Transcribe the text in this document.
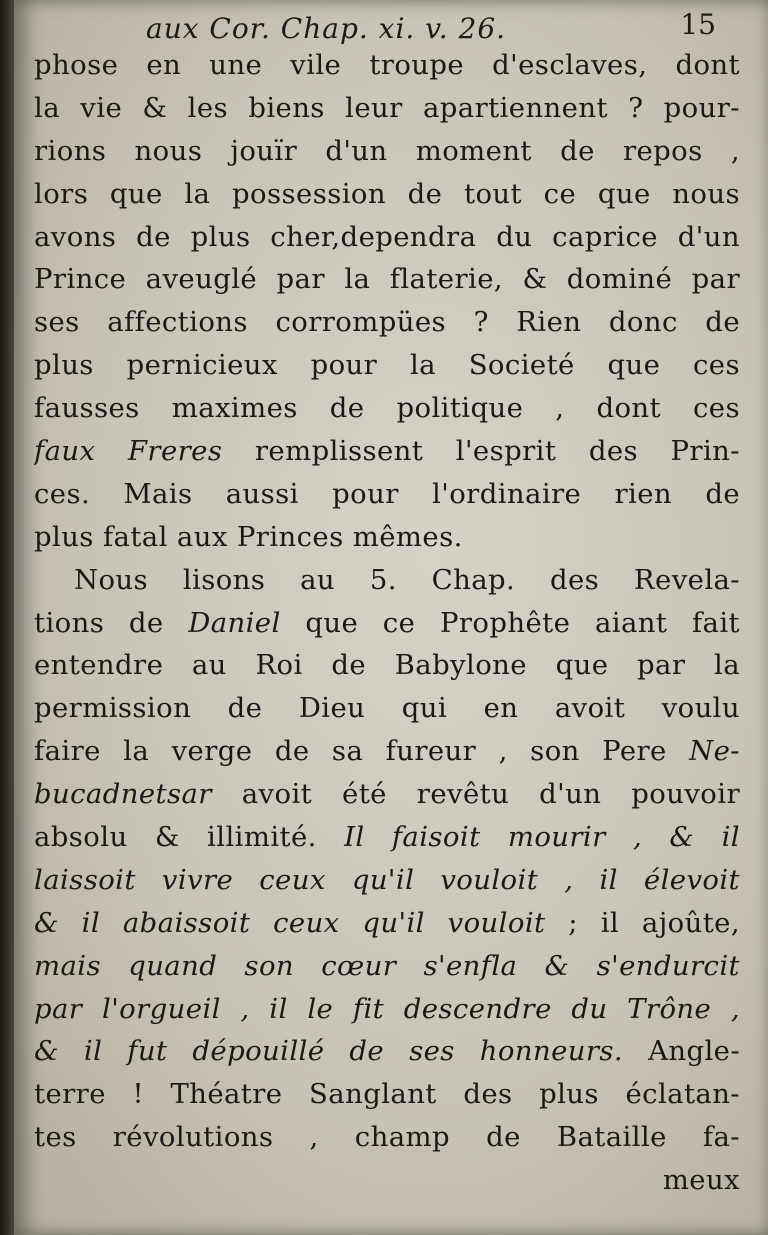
aux Cor. Chap. xi. v. 26.	15
phose en une vile troupe d'esclaves, dont
la vie & les biens leur apartiennent ? pour-
rions nous jouïr d'un moment de repos ,
lors que la possession de tout ce que nous
avons de plus cher,dependra du caprice d'un
Prince aveuglé par la flaterie, & dominé par
ses affections corrompües ? Rien donc de
plus pernicieux pour la Societé que ces
fausses maximes de politique , dont ces
faux Freres remplissent l'esprit des Prin-
ces. Mais aussi pour l'ordinaire rien de
plus fatal aux Princes mêmes.
Nous lisons au 5. Chap. des Revela-
tions de Daniel que ce Prophête aiant fait
entendre au Roi de Babylone que par la
permission de Dieu qui en avoit voulu
faire la verge de sa fureur , son Pere Ne-
bucadnetsar avoit été revêtu d'un pouvoir
absolu & illimité. Il faisoit mourir , & il
laissoit vivre ceux qu'il vouloit , il élevoit
& il abaissoit ceux qu'il vouloit ; il ajoûte,
mais quand son cœur s'enfla & s'endurcit
par l'orgueil , il le fit descendre du Trône ,
& il fut dépouillé de ses honneurs. Angle-
terre ! Théatre Sanglant des plus éclatan-
tes révolutions , champ de Bataille fa-
meux
